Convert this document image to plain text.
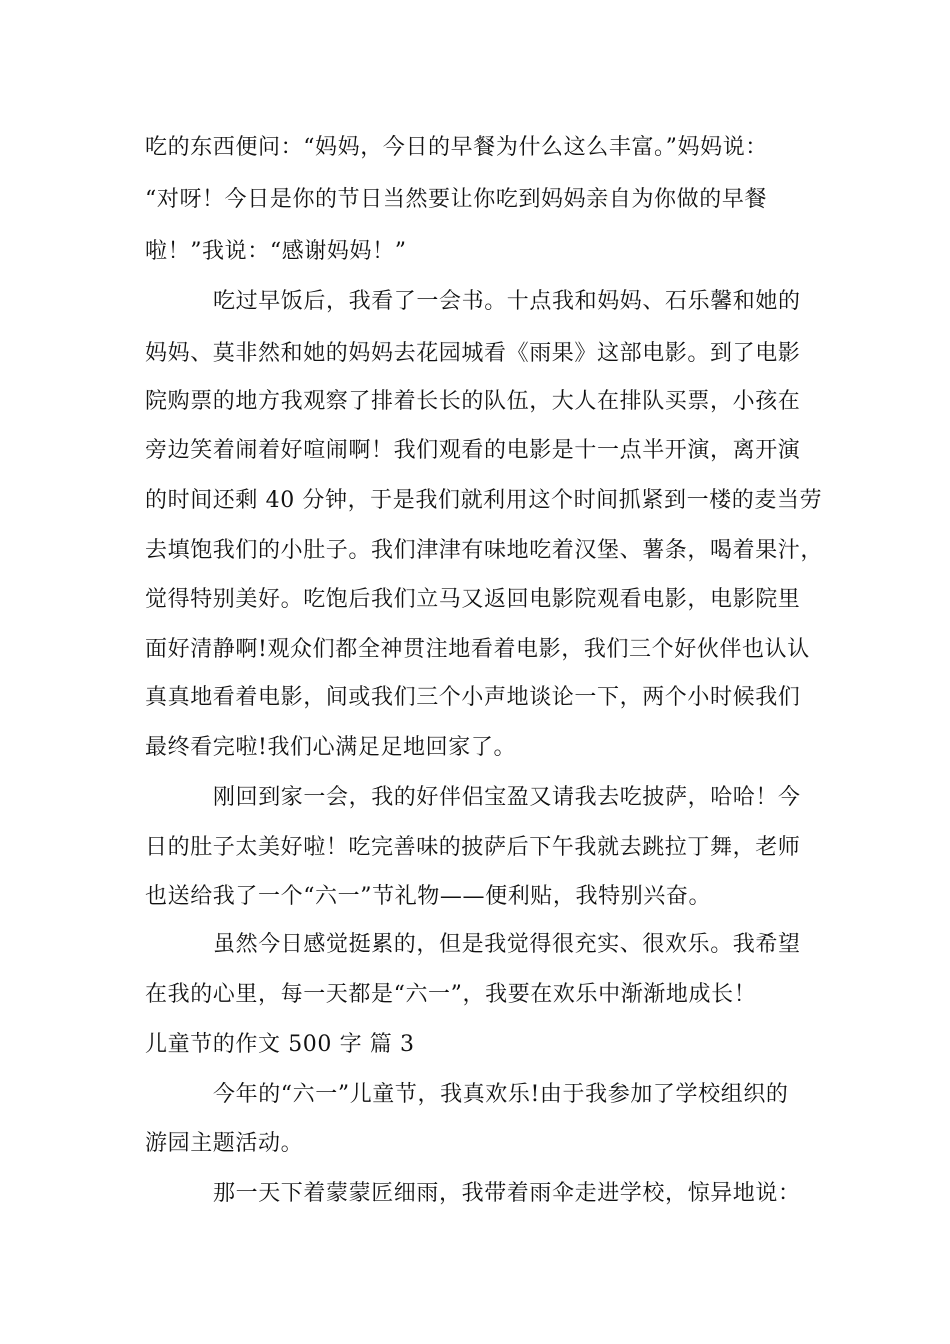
吃的东西便问：“妈妈，今日的早餐为什么这么丰富。”妈妈说：
“对呀！今日是你的节日当然要让你吃到妈妈亲自为你做的早餐
啦！”我说：“感谢妈妈！”
吃过早饭后，我看了一会书。十点我和妈妈、石乐馨和她的
妈妈、莫非然和她的妈妈去花园城看《雨果》这部电影。到了电影
院购票的地方我观察了排着长长的队伍，大人在排队买票，小孩在
旁边笑着闹着好喧闹啊！我们观看的电影是十一点半开演，离开演
的时间还剩 40 分钟，于是我们就利用这个时间抓紧到一楼的麦当劳
去填饱我们的小肚子。我们津津有味地吃着汉堡、薯条，喝着果汁，
觉得特别美好。吃饱后我们立马又返回电影院观看电影，电影院里
面好清静啊!观众们都全神贯注地看着电影，我们三个好伙伴也认认
真真地看着电影，间或我们三个小声地谈论一下，两个小时候我们
最终看完啦!我们心满足足地回家了。
刚回到家一会，我的好伴侣宝盈又请我去吃披萨，哈哈！今
日的肚子太美好啦！吃完善味的披萨后下午我就去跳拉丁舞，老师
也送给我了一个“六一”节礼物——便利贴，我特别兴奋。
虽然今日感觉挺累的，但是我觉得很充实、很欢乐。我希望
在我的心里，每一天都是“六一”，我要在欢乐中渐渐地成长！
儿童节的作文 500 字 篇 3
今年的“六一”儿童节，我真欢乐!由于我参加了学校组织的
游园主题活动。
那一天下着蒙蒙匠细雨，我带着雨伞走进学校，惊异地说：
